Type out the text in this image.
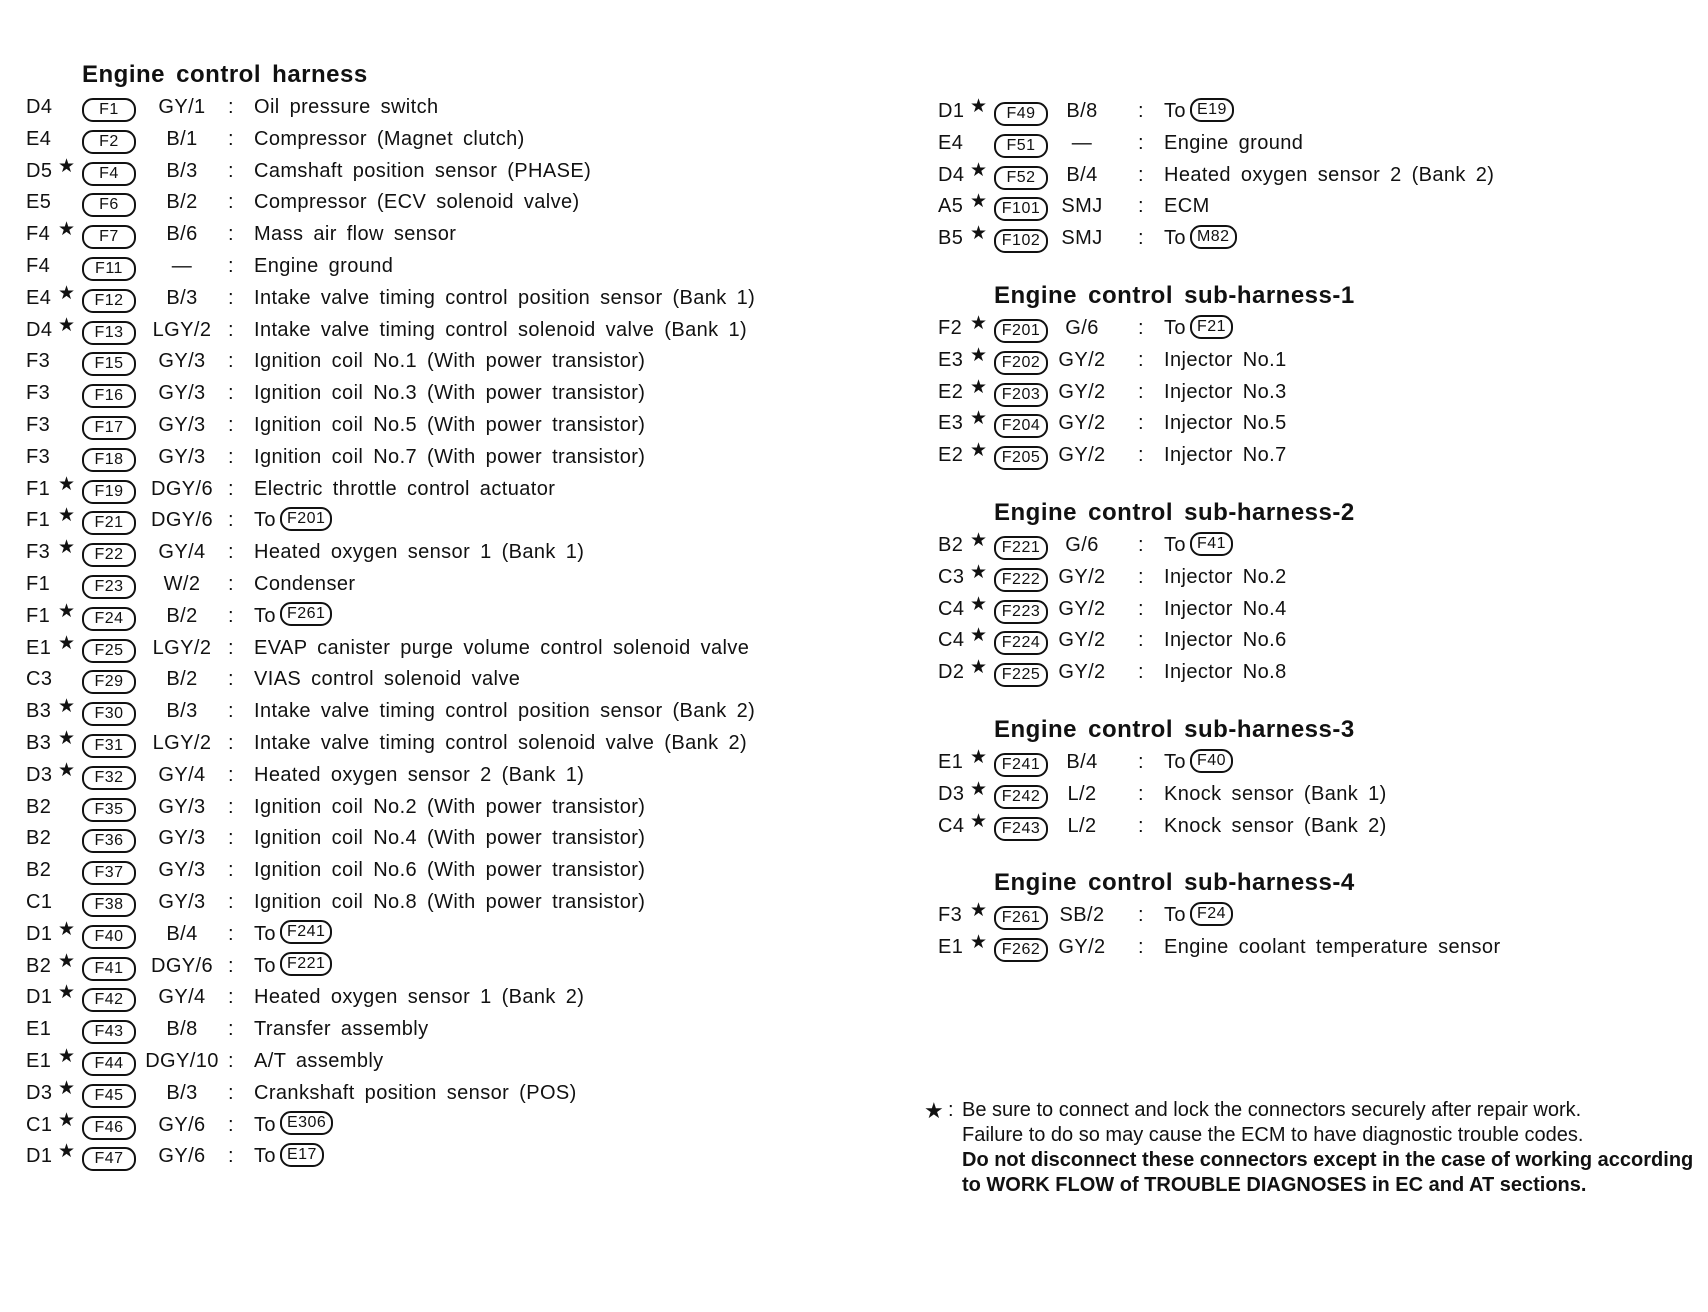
Engine control harness
D4	F1	GY/1	: Oil pressure switch
E4	F2	B/1	: Compressor (Magnet clutch)
D5 ★	F4	B/3	: Camshaft position sensor (PHASE)
E5	F6	B/2	: Compressor (ECV solenoid valve)
F4 ★	F7	B/6	: Mass air flow sensor
F4	F11	—	: Engine ground
E4 ★	F12	B/3	: Intake valve timing control position sensor (Bank 1)
D4 ★	F13	LGY/2 : Intake valve timing control solenoid valve (Bank 1)
F3	F15	GY/3	: Ignition coil No.1 (With power transistor)
F3	F16	GY/3	: Ignition coil No.3 (With power transistor)
F3	F17	GY/3	: Ignition coil No.5 (With power transistor)
F3	F18	GY/3	: Ignition coil No.7 (With power transistor)
F1 ★	F19	DGY/6 : Electric throttle control actuator
F1 ★	F21	DGY/6 : To F201
F3 ★	F22	GY/4	: Heated oxygen sensor 1 (Bank 1)
F1	F23	W/2	: Condenser
F1 ★	F24	B/2	: To F261
E1 ★	F25	LGY/2 : EVAP canister purge volume control solenoid valve
C3	F29	B/2	: VIAS control solenoid valve
B3 ★	F30	B/3	: Intake valve timing control position sensor (Bank 2)
B3 ★	F31	LGY/2 : Intake valve timing control solenoid valve (Bank 2)
D3 ★	F32	GY/4	: Heated oxygen sensor 2 (Bank 1)
B2	F35	GY/3	: Ignition coil No.2 (With power transistor)
B2	F36	GY/3	: Ignition coil No.4 (With power transistor)
B2	F37	GY/3	: Ignition coil No.6 (With power transistor)
C1	F38	GY/3	: Ignition coil No.8 (With power transistor)
D1 ★	F40	B/4	: To F241
B2 ★	F41	DGY/6 : To F221
D1 ★	F42	GY/4	: Heated oxygen sensor 1 (Bank 2)
E1	F43	B/8	: Transfer assembly
E1 ★	F44	DGY/10 : A/T assembly
D3 ★	F45	B/3	: Crankshaft position sensor (POS)
C1 ★	F46	GY/6	: To E306
D1 ★	F47	GY/6	: To E17
D1 ★	F49	B/8	: To E19
E4	F51	—	: Engine ground
D4 ★	F52	B/4	: Heated oxygen sensor 2 (Bank 2)
A5 ★ F101	SMJ	: ECM
B5 ★ F102	SMJ	: To M82
Engine control sub-harness-1
F2 ★ F201	G/6	: To F21
E3 ★ F202 GY/2	: Injector No.1
E2 ★ F203 GY/2	: Injector No.3
E3 ★ F204 GY/2	: Injector No.5
E2 ★ F205 GY/2	: Injector No.7
Engine control sub-harness-2
B2 ★ F221	G/6	: To F41
C3 ★ F222 GY/2	: Injector No.2
C4 ★ F223 GY/2	: Injector No.4
C4 ★ F224 GY/2	: Injector No.6
D2 ★ F225 GY/2	: Injector No.8
Engine control sub-harness-3
E1 ★ F241	B/4	: To F40
D3 ★ F242	L/2	: Knock sensor (Bank 1)
C4 ★ F243	L/2	: Knock sensor (Bank 2)
Engine control sub-harness-4
F3 ★ F261 SB/2	: To F24
E1 ★ F262 GY/2	: Engine coolant temperature sensor
★ : Be sure to connect and lock the connectors securely after repair work.
Failure to do so may cause the ECM to have diagnostic trouble codes.
Do not disconnect these connectors except in the case of working according to WORK FLOW of TROUBLE DIAGNOSES in EC and AT sections.
